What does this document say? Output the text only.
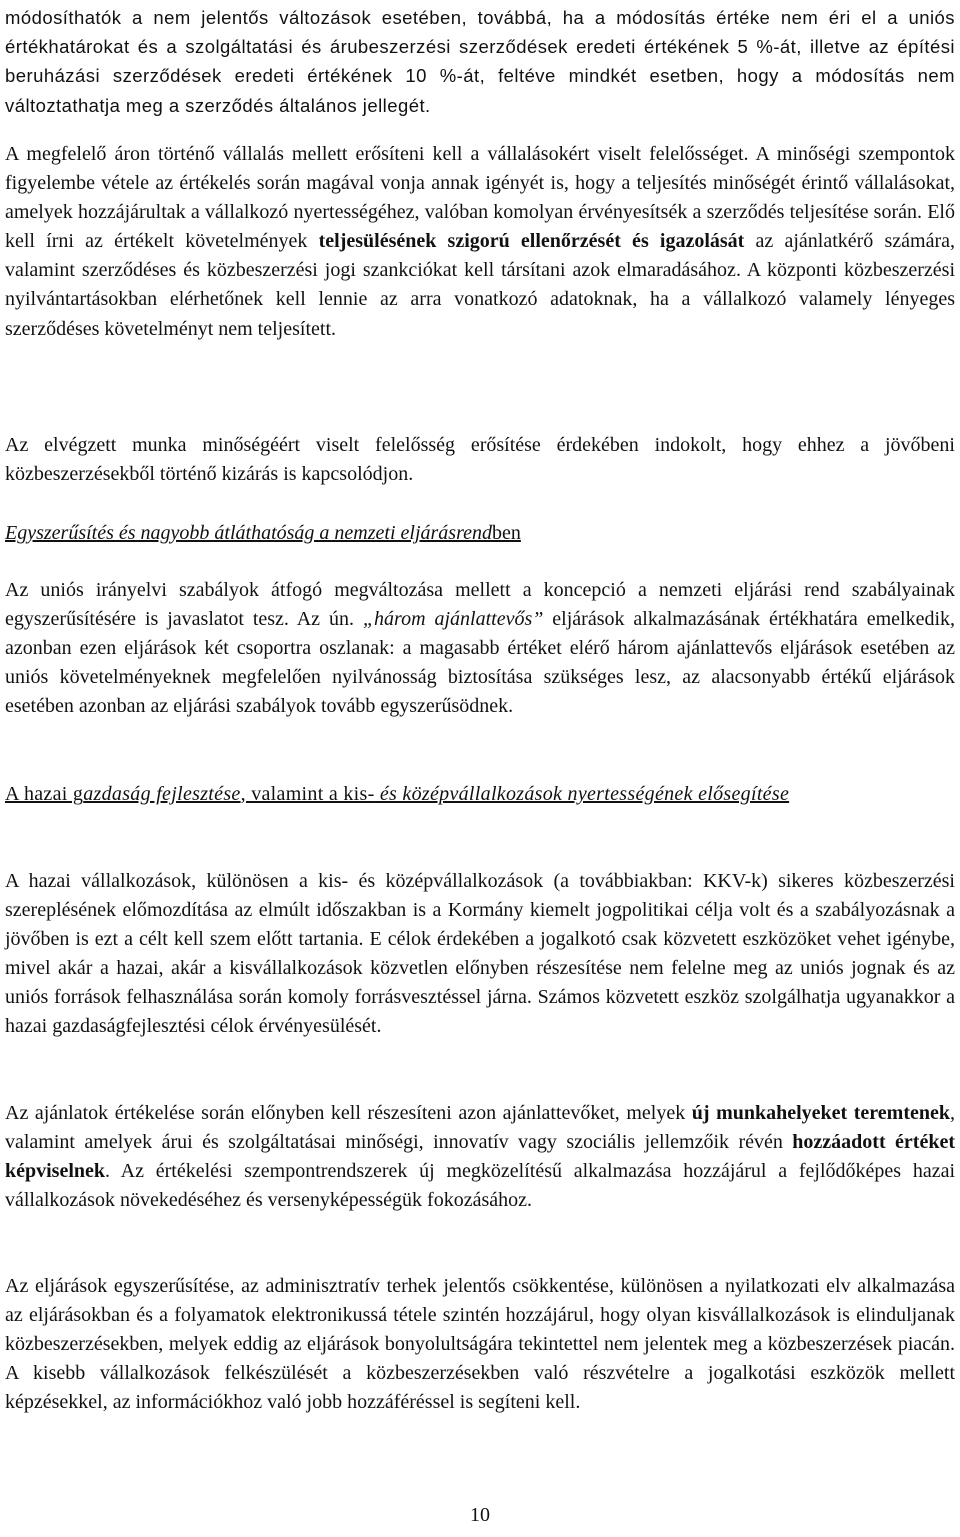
módosíthatók a nem jelentős változások esetében, továbbá, ha a módosítás értéke nem éri el a uniós értékhatárokat és a szolgáltatási és árubeszerzési szerződések eredeti értékének 5 %-át, illetve az építési beruházási szerződések eredeti értékének 10 %-át, feltéve mindkét esetben, hogy a módosítás nem változtathatja meg a szerződés általános jellegét.

A megfelelő áron történő vállalás mellett erősíteni kell a vállalásokért viselt felelősséget. A minőségi szempontok figyelembe vétele az értékelés során magával vonja annak igényét is, hogy a teljesítés minőségét érintő vállalásokat, amelyek hozzájárultak a vállalkozó nyertességéhez, valóban komolyan érvényesítsék a szerződés teljesítése során. Elő kell írni az értékelt követelmények teljesülésének szigorú ellenőrzését és igazolását az ajánlatkérő számára, valamint szerződéses és közbeszerzési jogi szankciókat kell társítani azok elmaradásához. A központi közbeszerzési nyilvántartásokban elérhetőnek kell lennie az arra vonatkozó adatoknak, ha a vállalkozó valamely lényeges szerződéses követelményt nem teljesített.

Az elvégzett munka minőségéért viselt felelősség erősítése érdekében indokolt, hogy ehhez a jövőbeni közbeszerzésekből történő kizárás is kapcsolódjon.

Egyszerűsítés és nagyobb átláthatóság a nemzeti eljárásrendben

Az uniós irányelvi szabályok átfogó megváltozása mellett a koncepció a nemzeti eljárási rend szabályainak egyszerűsítésére is javaslatot tesz. Az ún. „három ajánlattevős” eljárások alkalmazásának értékhatára emelkedik, azonban ezen eljárások két csoportra oszlanak: a magasabb értéket elérő három ajánlattevős eljárások esetében az uniós követelményeknek megfelelően nyilvánosság biztosítása szükséges lesz, az alacsonyabb értékű eljárások esetében azonban az eljárási szabályok tovább egyszerűsödnek.

A hazai gazdaság fejlesztése, valamint a kis- és középvállalkozások nyertességének elősegítése

A hazai vállalkozások, különösen a kis- és középvállalkozások (a továbbiakban: KKV-k) sikeres közbeszerzési szereplésének előmozdítása az elmúlt időszakban is a Kormány kiemelt jogpolitikai célja volt és a szabályozásnak a jövőben is ezt a célt kell szem előtt tartania. E célok érdekében a jogalkotó csak közvetett eszközöket vehet igénybe, mivel akár a hazai, akár a kisvállalkozások közvetlen előnyben részesítése nem felelne meg az uniós jognak és az uniós források felhasználása során komoly forrásvesztéssel járna. Számos közvetett eszköz szolgálhatja ugyanakkor a hazai gazdaságfejlesztési célok érvényesülését.

Az ajánlatok értékelése során előnyben kell részesíteni azon ajánlattevőket, melyek új munkahelyeket teremtenek, valamint amelyek árui és szolgáltatásai minőségi, innovatív vagy szociális jellemzőik révén hozzáadott értéket képviselnek. Az értékelési szempontrendszerek új megközelítésű alkalmazása hozzájárul a fejlődőképes hazai vállalkozások növekedéséhez és versenyképességük fokozásához.

Az eljárások egyszerűsítése, az adminisztratív terhek jelentős csökkentése, különösen a nyilatkozati elv alkalmazása az eljárásokban és a folyamatok elektronikussá tétele szintén hozzájárul, hogy olyan kisvállalkozások is elinduljanak közbeszerzésekben, melyek eddig az eljárások bonyolultságára tekintettel nem jelentek meg a közbeszerzések piacán. A kisebb vállalkozások felkészülését a közbeszerzésekben való részvételre a jogalkotási eszközök mellett képzésekkel, az információkhoz való jobb hozzáféréssel is segíteni kell.

10
